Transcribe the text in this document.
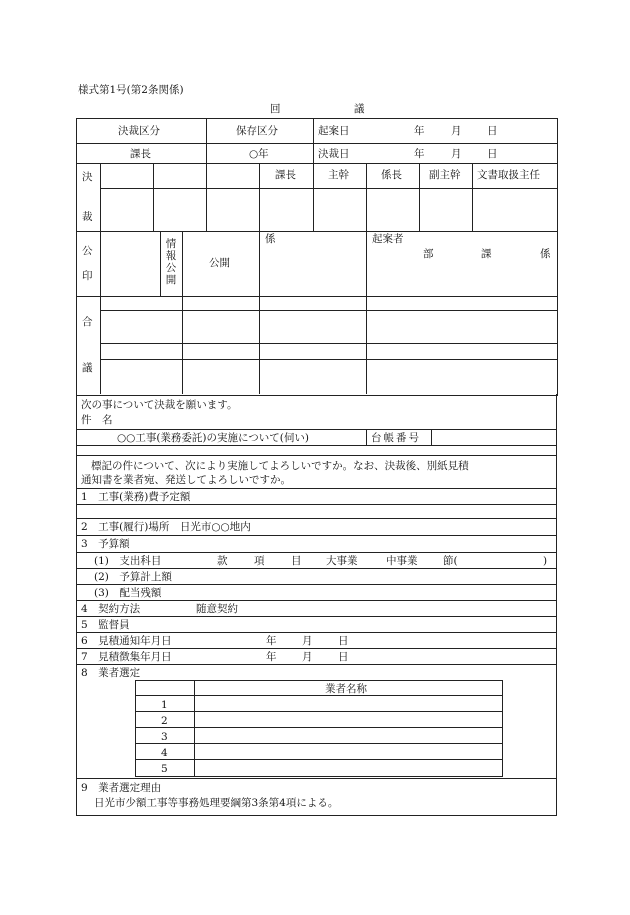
様式第1号(第2条関係)
回　　　　　　　議
決裁区分	保存区分	起案日	年	月 日
課長	○年	決裁日	年	月 日
決
裁
課長	主幹	係長	副主幹 文書取扱主任
公
印
情報公開
公開
係	起案者
部	課	係
合
議
次の事について決裁を願います。
件　名
○○工事(業務委託)の実施について(伺い)	台帳番号
標記の件について、次により実施してよろしいですか。なお、決裁後、別紙見積
通知書を業者宛、発送してよろしいですか。
1　工事(業務)費予定額
2　工事(履行)場所　日光市○○地内
3　予算額
(1)　支出科目	款	項	目 大事業	中事業 節(	)
(2)　予算計上額
(3)　配当残額
4　契約方法	随意契約
5　監督員
6　見積通知年月日	年 月 日
7　見積徴集年月日	年 月 日
8　業者選定
業者名称
1
2
3
4
5
9　業者選定理由
日光市少額工事等事務処理要綱第3条第4項による。
